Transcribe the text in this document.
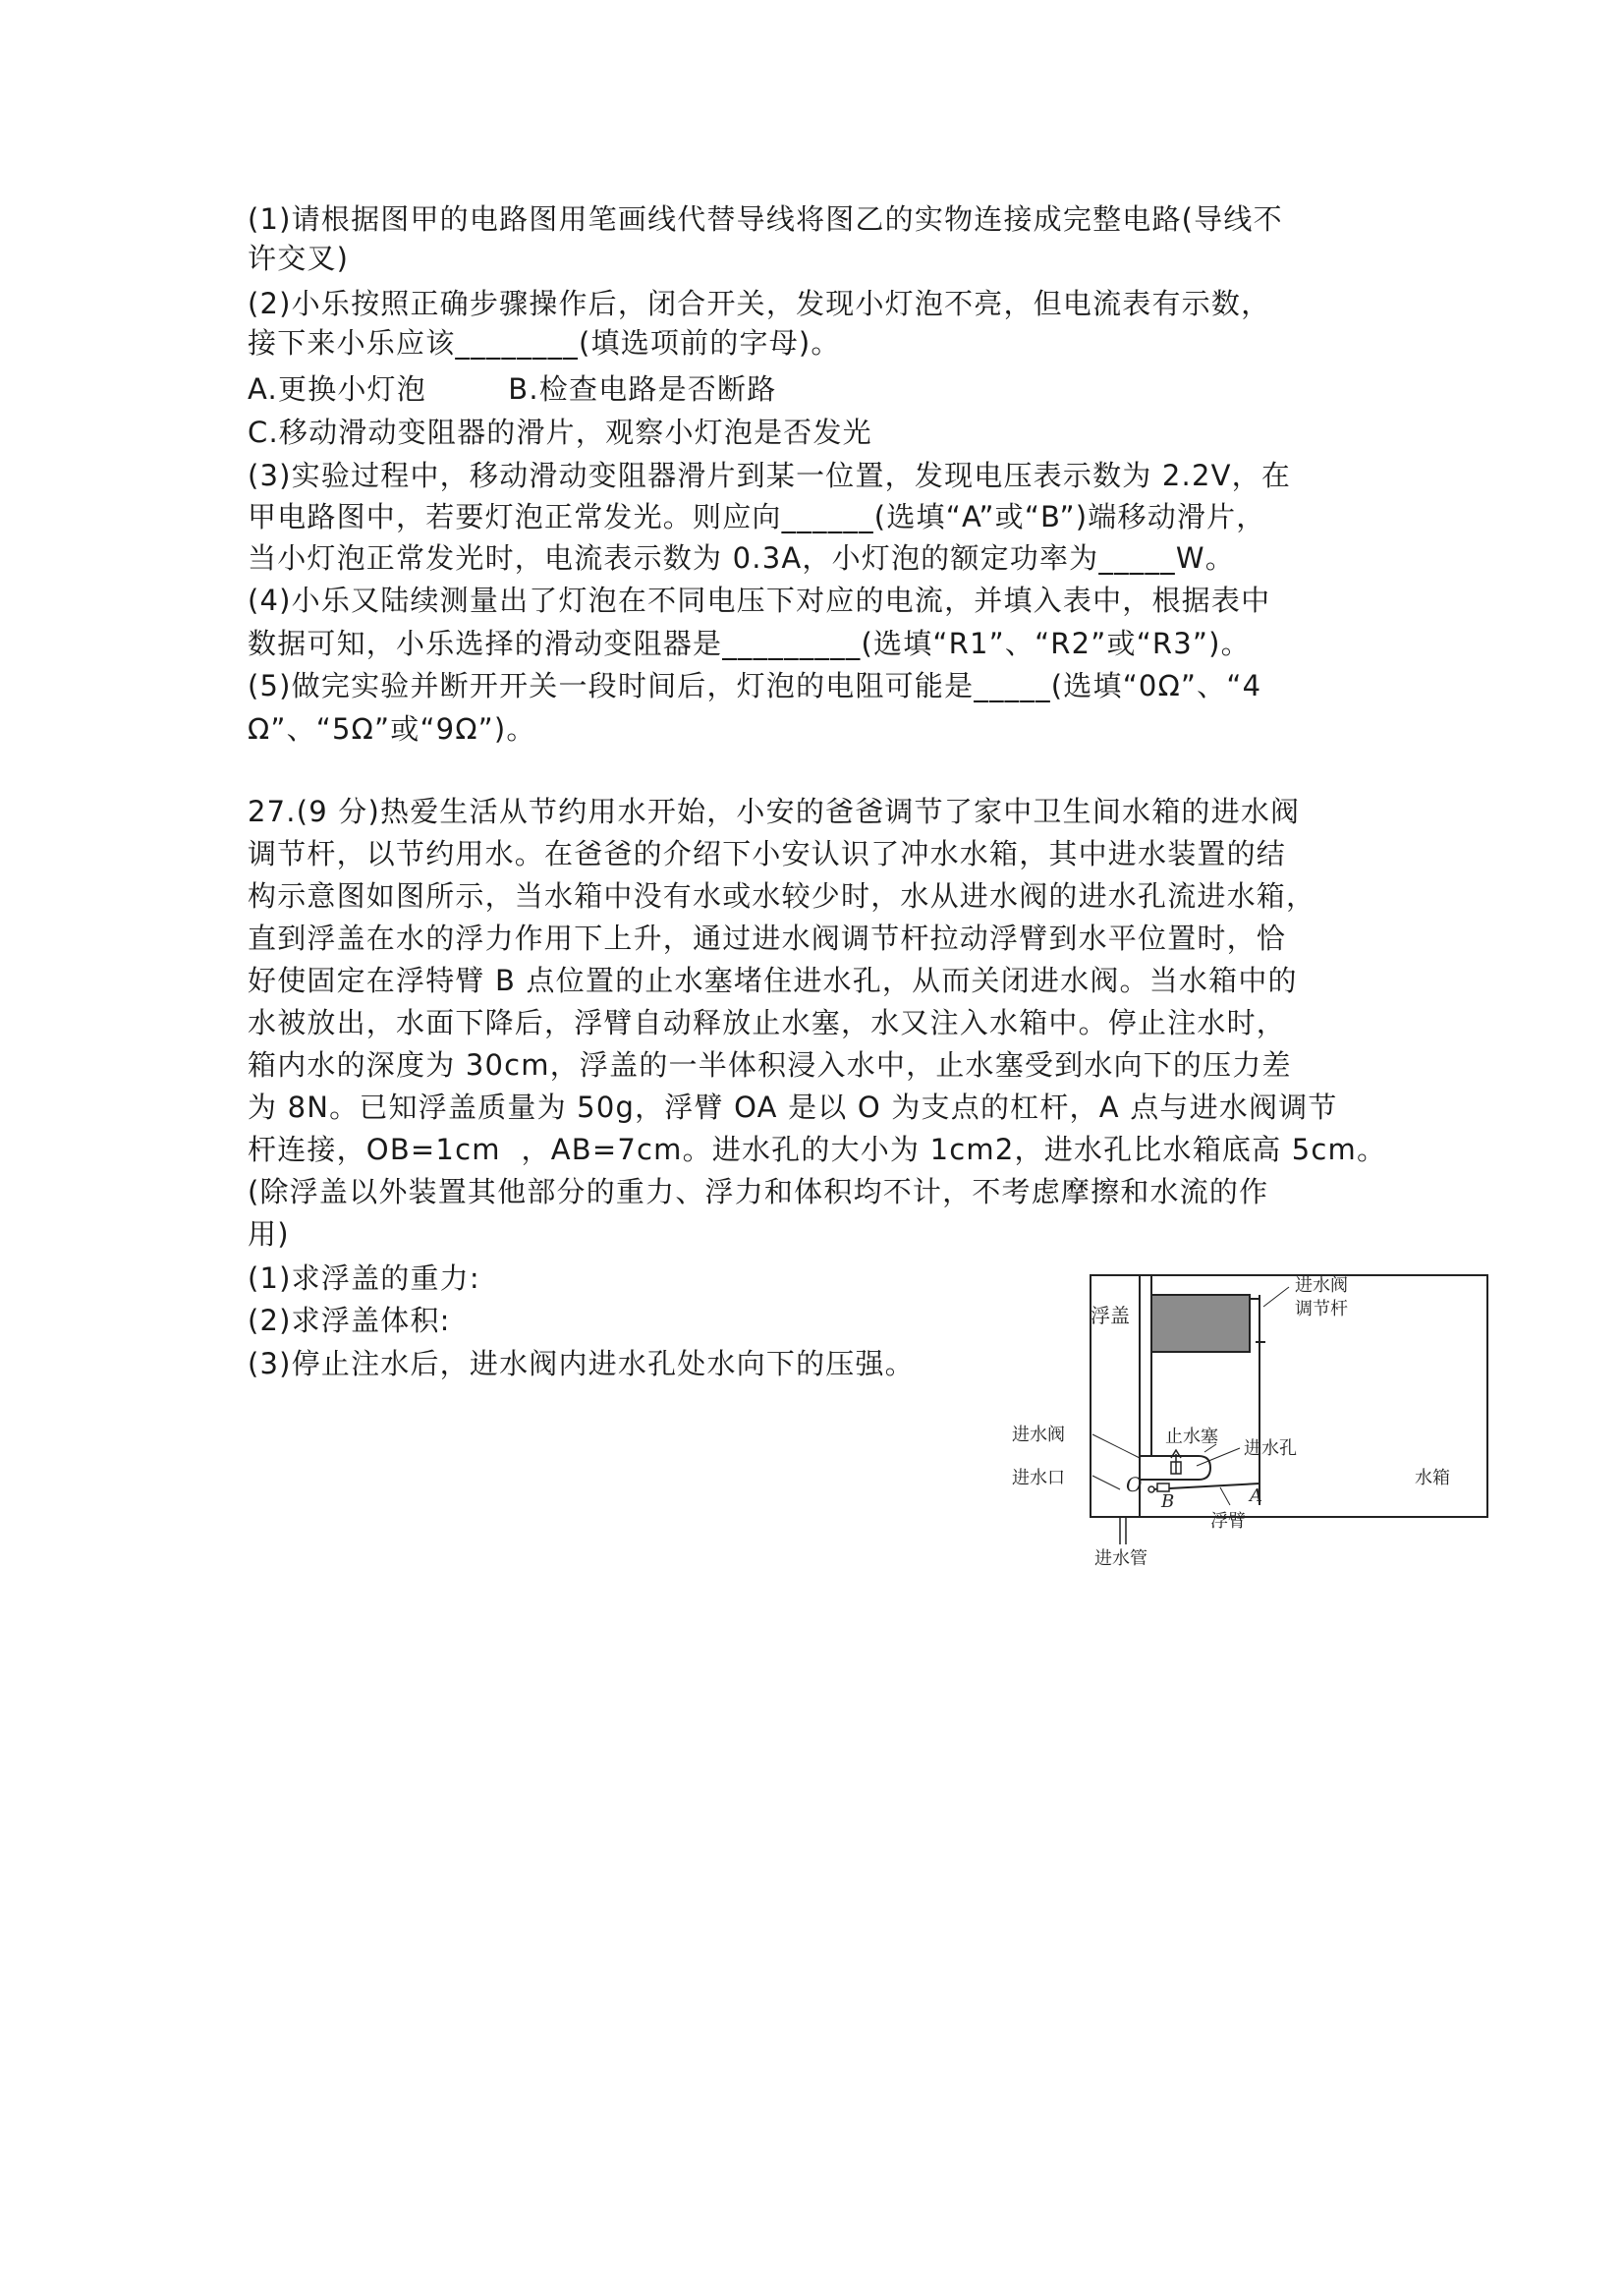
(1)请根据图甲的电路图用笔画线代替导线将图乙的实物连接成完整电路(导线不
许交叉)
(2)小乐按照正确步骤操作后，闭合开关，发现小灯泡不亮，但电流表有示数，
接下来小乐应该________(填选项前的字母)。
A.更换小灯泡        B.检查电路是否断路
C.移动滑动变阻器的滑片，观察小灯泡是否发光
(3)实验过程中，移动滑动变阻器滑片到某一位置，发现电压表示数为 2.2V，在
甲电路图中，若要灯泡正常发光。则应向______(选填“A”或“B”)端移动滑片，
当小灯泡正常发光时，电流表示数为 0.3A，小灯泡的额定功率为_____W。
(4)小乐又陆续测量出了灯泡在不同电压下对应的电流，并填入表中，根据表中
数据可知，小乐选择的滑动变阻器是_________(选填“R1”、“R2”或“R3”)。
(5)做完实验并断开开关一段时间后，灯泡的电阻可能是_____(选填“0Ω”、“4
Ω”、“5Ω”或“9Ω”)。
27.(9 分)热爱生活从节约用水开始，小安的爸爸调节了家中卫生间水箱的进水阀
调节杆，以节约用水。在爸爸的介绍下小安认识了冲水水箱，其中进水装置的结
构示意图如图所示，当水箱中没有水或水较少时，水从进水阀的进水孔流进水箱，
直到浮盖在水的浮力作用下上升，通过进水阀调节杆拉动浮臂到水平位置时，恰
好使固定在浮特臂 B 点位置的止水塞堵住进水孔，从而关闭进水阀。当水箱中的
水被放出，水面下降后，浮臂自动释放止水塞，水又注入水箱中。停止注水时，
箱内水的深度为 30cm，浮盖的一半体积浸入水中，止水塞受到水向下的压力差
为 8N。已知浮盖质量为 50g，浮臂 OA 是以 O 为支点的杠杆，A 点与进水阀调节
杆连接，OB=1cm  ，AB=7cm。进水孔的大小为 1cm2，进水孔比水箱底高 5cm。
(除浮盖以外装置其他部分的重力、浮力和体积均不计，不考虑摩擦和水流的作
用)
(1)求浮盖的重力:
(2)求浮盖体积:
(3)停止注水后，进水阀内进水孔处水向下的压强。
浮盖
进水阀
调节杆
止水塞
进水阀
进水孔
进水口	水箱
O
B	A
浮臂
进水管
